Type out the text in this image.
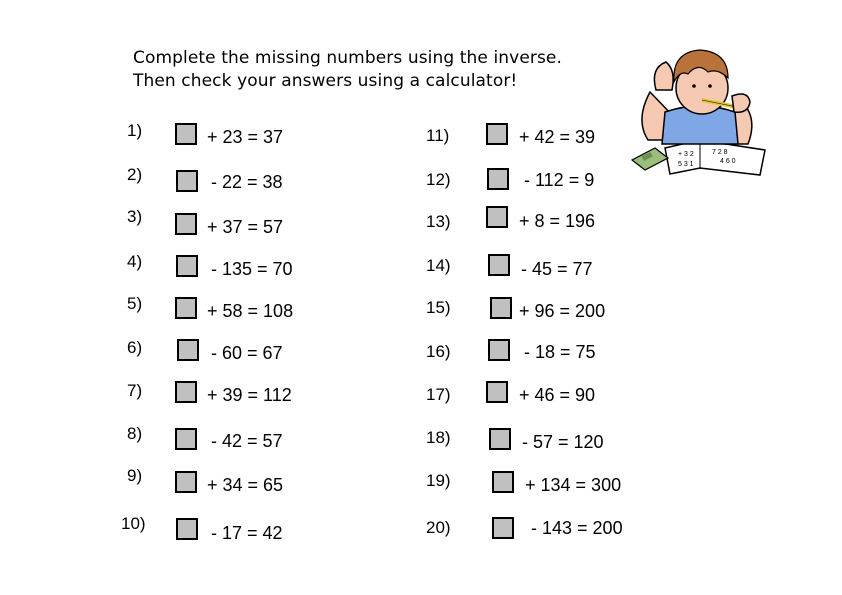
Complete the missing numbers using the inverse.
Then check your answers using a calculator!
+ 3 2
5 3 1
7 2 8
4 6 0
1)	+ 23 = 37
2)	- 22 = 38
3)
+ 37 = 57
4)	- 135 = 70
5)	+ 58 = 108
6)	- 60 = 67
7)	+ 39 = 112
8)	- 42 = 57
9)	+ 34 = 65
10)	- 17 = 42
11)	+ 42 = 39
12)	- 112 = 9
13)	+ 8 = 196
14)	- 45 = 77
15)	+ 96 = 200
16)	- 18 = 75
17)	+ 46 = 90
18)	- 57 = 120
19)	+ 134 = 300
20)	- 143 = 200
